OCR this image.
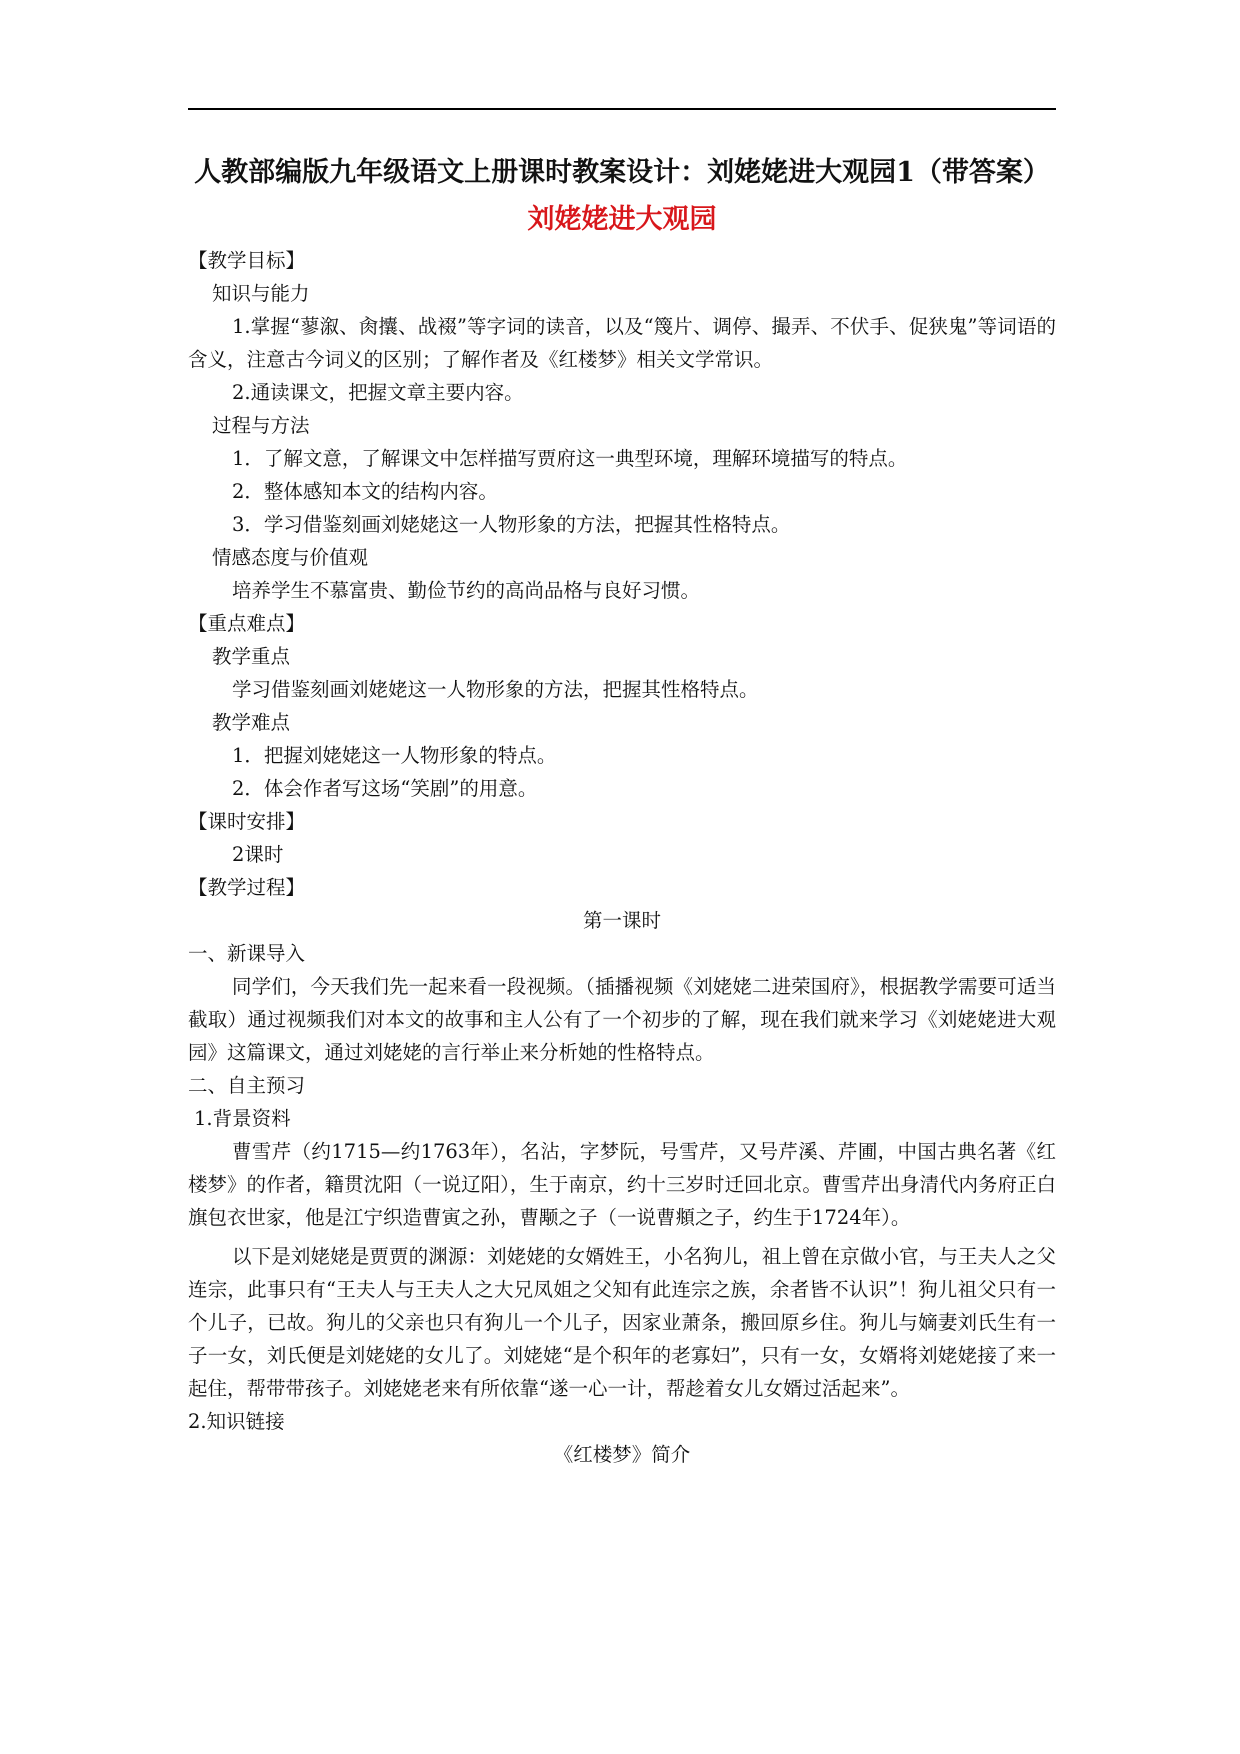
人教部编版九年级语文上册课时教案设计：刘姥姥进大观园1（带答案）

刘姥姥进大观园

【教学目标】

知识与能力

1.掌握“蓼溆、肏攮、战裰”等字词的读音，以及“篾片、调停、撮弄、不伏手、促狭鬼”等词语的含义，注意古今词义的区别；了解作者及《红楼梦》相关文学常识。

2.通读课文，把握文章主要内容。

过程与方法

1．了解文意，了解课文中怎样描写贾府这一典型环境，理解环境描写的特点。

2．整体感知本文的结构内容。

3．学习借鉴刻画刘姥姥这一人物形象的方法，把握其性格特点。

情感态度与价值观

培养学生不慕富贵、勤俭节约的高尚品格与良好习惯。

【重点难点】

教学重点

学习借鉴刻画刘姥姥这一人物形象的方法，把握其性格特点。

教学难点

1．把握刘姥姥这一人物形象的特点。

2．体会作者写这场“笑剧”的用意。

【课时安排】

2课时

【教学过程】

第一课时

一、新课导入

同学们，今天我们先一起来看一段视频。（插播视频《刘姥姥二进荣国府》，根据教学需要可适当截取）通过视频我们对本文的故事和主人公有了一个初步的了解，现在我们就来学习《刘姥姥进大观园》这篇课文，通过刘姥姥的言行举止来分析她的性格特点。

二、自主预习

1.背景资料

曹雪芹（约1715—约1763年），名沾，字梦阮，号雪芹，又号芹溪、芹圃，中国古典名著《红楼梦》的作者，籍贯沈阳（一说辽阳），生于南京，约十三岁时迁回北京。曹雪芹出身清代内务府正白旗包衣世家，他是江宁织造曹寅之孙，曹颙之子（一说曹頫之子，约生于1724年）。

以下是刘姥姥是贾贾的渊源：刘姥姥的女婿姓王，小名狗儿，祖上曾在京做小官，与王夫人之父连宗，此事只有“王夫人与王夫人之大兄凤姐之父知有此连宗之族，余者皆不认识”！狗儿祖父只有一个儿子，已故。狗儿的父亲也只有狗儿一个儿子，因家业萧条，搬回原乡住。狗儿与嫡妻刘氏生有一子一女，刘氏便是刘姥姥的女儿了。刘姥姥“是个积年的老寡妇”，只有一女，女婿将刘姥姥接了来一起住，帮带带孩子。刘姥姥老来有所依靠“遂一心一计，帮趁着女儿女婿过活起来”。

2.知识链接

《红楼梦》简介
